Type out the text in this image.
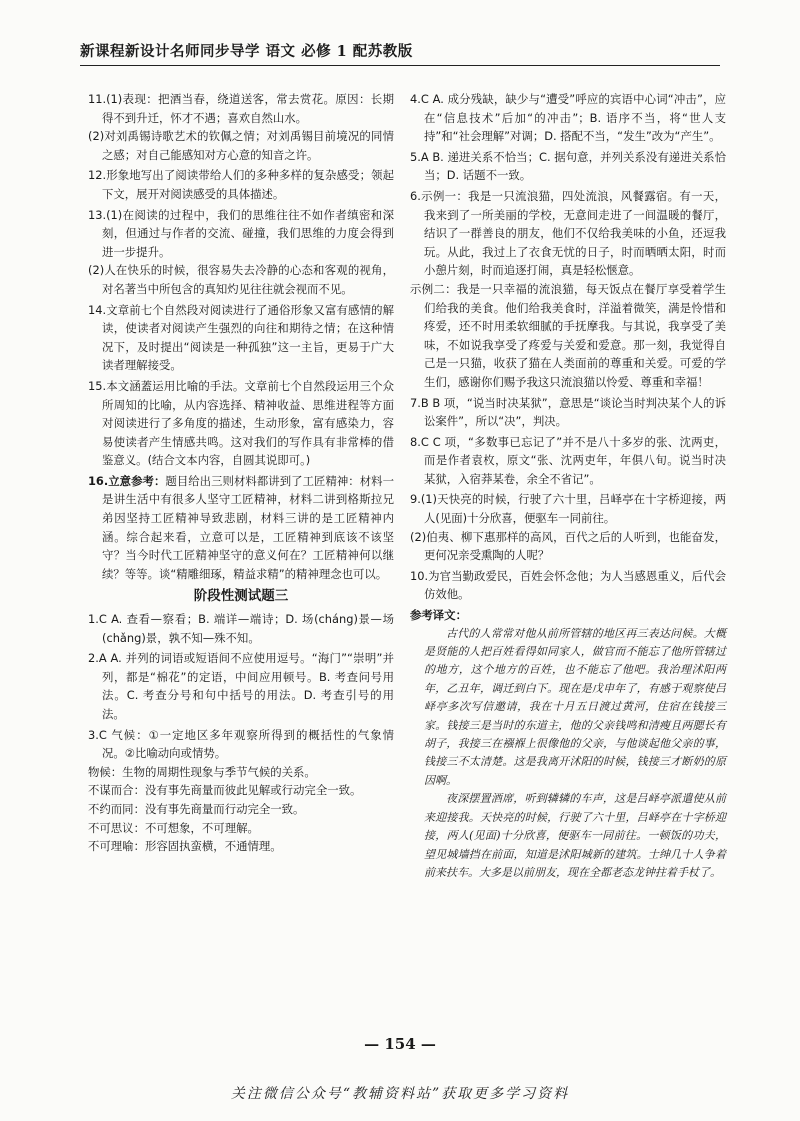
新课程新设计名师同步导学 语文 必修 1 配苏教版

11.(1)表现：把酒当春，绕道送客，常去赏花。原因：长期得不到升迁，怀才不遇；喜欢自然山水。

(2)对刘禹锡诗歌艺术的钦佩之情；对刘禹锡目前境况的同情之感；对自己能感知对方心意的知音之许。

12.形象地写出了阅读带给人们的多种多样的复杂感受；领起下文，展开对阅读感受的具体描述。

13.(1)在阅读的过程中，我们的思维往往不如作者缜密和深刻，但通过与作者的交流、碰撞，我们思维的力度会得到进一步提升。

(2)人在快乐的时候，很容易失去冷静的心态和客观的视角，对名著当中所包含的真知灼见往往就会视而不见。

14.文章前七个自然段对阅读进行了通俗形象又富有感情的解读，使读者对阅读产生强烈的向往和期待之情；在这种情况下，及时提出“阅读是一种孤独”这一主旨，更易于广大读者理解接受。

15.本文涵蓋运用比喻的手法。文章前七个自然段运用三个众所周知的比喻，从内容选择、精神收益、思维进程等方面对阅读进行了多角度的描述，生动形象，富有感染力，容易使读者产生情感共鸣。这对我们的写作具有非常棒的借鉴意义。(结合文本内容，自圆其说即可。)

16.立意参考：题目给出三则材料都讲到了工匠精神：材料一是讲生活中有很多人坚守工匠精神，材料二讲到格斯拉兄弟因坚持工匠精神导致悲剧，材料三讲的是工匠精神内涵。综合起来看，立意可以是，工匠精神到底该不该坚守？当今时代工匠精神坚守的意义何在？工匠精神何以继续？等等。谈“精雕细琢，精益求精”的精神理念也可以。

阶段性测试题三

1.C A. 查看—察看；B. 端详—端诗；D. 场(cháng)景—场(chǎng)景，孰不知—殊不知。

2.A A. 并列的词语或短语间不应使用逗号。“海门”“崇明”并列，都是“棉花”的定语，中间应用顿号。B. 考查问号用法。C. 考查分号和句中括号的用法。D. 考查引号的用法。

3.C 气候：①一定地区多年观察所得到的概括性的气象情况。②比喻动向或情势。

物候：生物的周期性现象与季节气候的关系。

不谋而合：没有事先商量而彼此见解或行动完全一致。

不约而同：没有事先商量而行动完全一致。

不可思议：不可想象，不可理解。

不可理喻：形容固执蛮横，不通情理。

4.C A. 成分残缺，缺少与“遭受”呼应的宾语中心词“冲击”，应在“信息技术”后加“的冲击”；B. 语序不当，将“世人支持”和“社会理解”对调；D. 搭配不当，“发生”改为“产生”。

5.A B. 递进关系不恰当；C. 据句意，并列关系没有递进关系恰当；D. 话题不一致。

6.示例一：我是一只流浪猫，四处流浪，风餐露宿。有一天，我来到了一所美丽的学校，无意间走进了一间温暖的餐厅，结识了一群善良的朋友，他们不仅给我美味的小鱼，还逗我玩。从此，我过上了衣食无忧的日子，时而晒晒太阳，时而小憩片刻，时而追逐打闹，真是轻松惬意。

示例二：我是一只幸福的流浪猫，每天饭点在餐厅享受着学生们给我的美食。他们给我美食时，洋溢着微笑，满是怜惜和疼爱，还不时用柔软细腻的手抚摩我。与其说，我享受了美味，不如说我享受了疼爱与关爱和爱意。那一刻，我觉得自己是一只猫，收获了猫在人类面前的尊重和关爱。可爱的学生们，感谢你们赐予我这只流浪猫以怜爱、尊重和幸福！

7.B B 项，“说当时决某狱”，意思是“谈论当时判决某个人的诉讼案件”，所以“决”，判决。

8.C C 项，“多数事已忘记了”并不是八十多岁的张、沈两吏，而是作者袁枚，原文“张、沈两吏年，年俱八旬。说当时决某狱，入宿莽某卷，余全不省记”。

9.(1)天快亮的时候，行驶了六十里，吕峄亭在十字桥迎接，两人(见面)十分欣喜，便驱车一同前往。

(2)伯夷、柳下惠那样的高风，百代之后的人听到，也能奋发，更何况亲受熏陶的人呢？

10.为官当勤政爱民，百姓会怀念他；为人当感恩重义，后代会仿效他。

参考译文：

古代的人常常对他从前所管辖的地区再三表达问候。大概是贤能的人把百姓看得如同家人，做官而不能忘了他所管辖过的地方，这个地方的百姓，也不能忘了他吧。我治理沭阳两年，乙丑年，调迁到白下。现在是戊申年了，有感于观察使吕峄亭多次写信邀请，我在十月五日渡过黄河，住宿在钱接三家。钱接三是当时的东道主，他的父亲钱鸣和清瘦且两腮长有胡子，我接三在襁褓上很像他的父亲，与他谈起他父亲的事，钱接三不太清楚。这是我离开沭阳的时候，钱接三才断奶的原因啊。

夜深摆置酒席，听到辚辚的车声，这是吕峄亭派遣使从前来迎接我。天快亮的时候，行驶了六十里，吕峄亭在十字桥迎接，两人(见面)十分欣喜，便驱车一同前往。一顿饭的功夫，望见城墙挡在前面，知道是沭阳城新的建筑。士绅几十人争着前来扶车。大多是以前朋友，现在全都老态龙钟拄着手杖了。

— 154 —
关注微信公众号“教辅资料站”获取更多学习资料
